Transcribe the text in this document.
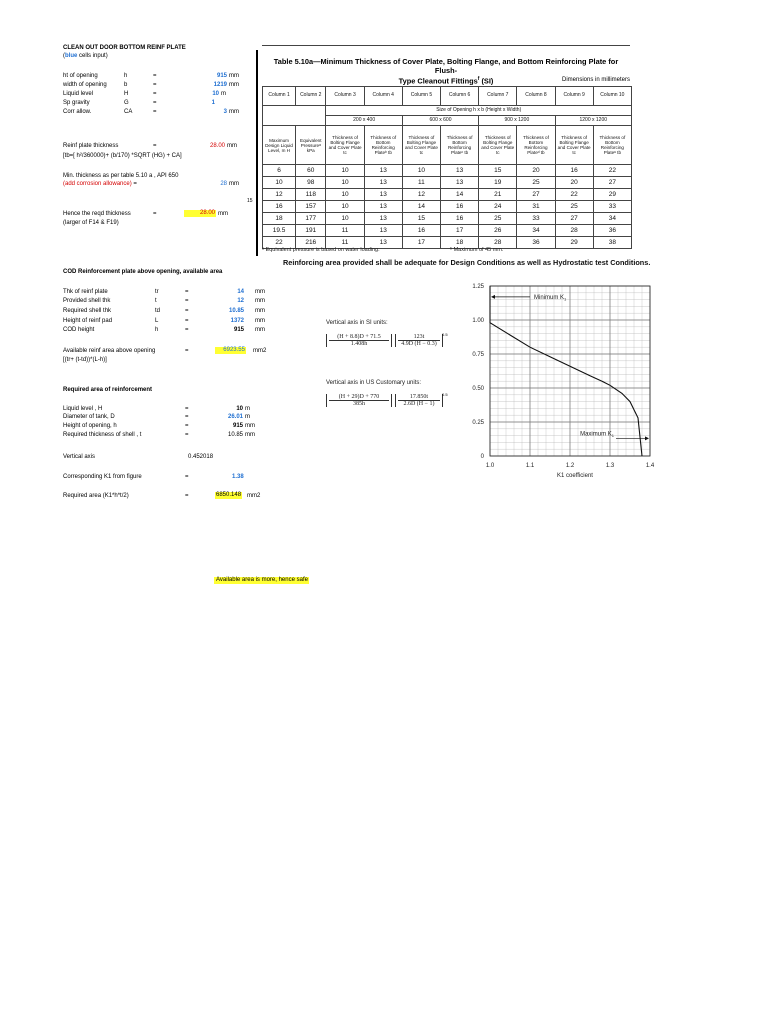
CLEAN OUT DOOR BOTTOM REINF PLATE
(blue cells input)
ht of opening	h	=	915 mm
width of opening	b	=	1219 mm
Liquid level	H	=	10 m
Sp gravity	G	=	1
Corr allow.	CA	=	3 mm
Reinf plate thickness	=	28.00 mm
[tb=[ h²/360000)+ (b/170) *SQRT (HG) + CA]
Min. thickness as per table 5.10 a , API 650
(add corrosion allowance) =	28 mm
Hence the reqd thickness
(larger of F14 & F19)
=	28.00 mm
COD Reinforcement plate above opening, available area
Thk of reinf plate	tr	=	14 mm
Provided shell thk	t	=	12 mm
Required shell thk	td	=	10.85 mm
Height of reinf pad	L	=	1372 mm
COD height	h	=	915 mm
Available reinf area above opening
[(tr+ (t-td))*(L-h)]
=	6923.55 mm2
Required area of reinforcement
Liquid level , H	=	10 m
Diameter of tank, D	=	26.01 m
Height of opening, h	=	915 mm
Required thickness of shell , t	=	10.85 mm
Vertical axis	0.452018
Corresponding K1 from figure	=	1.38
Required area (K1*h*t/2)	=	6850.148 mm2
Available area is more, hence safe
15
Table 5.10a—Minimum Thickness of Cover Plate, Bolting Flange, and Bottom Reinforcing Plate for Flush-
Type Cleanout Fittings$^f$ (SI)	Dimensions in millimeters
Column 1	Column 2	Column 3	Column 4	Column 5	Column 6	Column 7	Column 8	Column 9	Column 10
		Size of Opening h x b (Height x Width)							
		200 x 400		600 x 600		900 x 1200		1200 x 1200	
Maximum Design Liquid Level, m H	Equivalent Pressureᵃ kPa	Thickness of Bolting Flange and Cover Plate tc	Thickness of Bottom Reinforcing Plateᵇ tb	Thickness of Bolting Flange and Cover Plate tc	Thickness of Bottom Reinforcing Plateᶜ tb	Thickness of Bolting Flange and Cover Plate tc	Thickness of Bottom Reinforcing Plateᵈ tb	Thickness of Bolting Flange and Cover Plate tc	Thickness of Bottom Reinforcing Plateᵉ tb
6	60	10	13	10	13	15	20	16	22
10	98	10	13	11	13	19	25	20	27
12	118	10	13	12	14	21	27	22	29
16	157	10	13	14	16	24	31	25	33
18	177	10	13	15	16	25	33	27	34
19.5	191	11	13	16	17	26	34	28	36
22	216	11	13	17	18	28	36	29	38
ᵃ Equivalent pressure is based on water loading.	ᵇ Maximum of 45 mm.
Reinforcing area provided shall be adequate for Design Conditions as well as Hydrostatic test Conditions.
Vertical axis in SI units:
$\frac{(H + 8.8)D + 71.5}{1.408h} \frac{123t}{4.9D (H - 0.3)} 0.5$
Vertical axis in US Customary units:
$\frac{(H + 29)D + 770}{385h} \frac{17.850t}{2.6D (H - 1)} 0.5$
1.0	1.1	1.2	1.3	1.4
0
0.25
0.50
0.75
1.00
1.25
K1 coefficient
Minimum $K_1$
Maximum $K_1$
